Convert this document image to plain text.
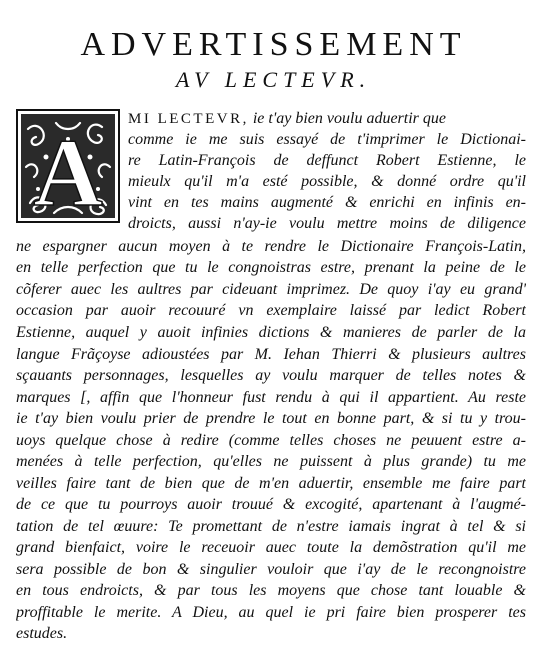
ADVERTISSEMENT
AV LECTEVR.
A MI LECTEVR, ie t'ay bien voulu aduertir que
comme ie me suis essayé de t'imprimer le Dictionai-
re Latin-François de deffunct Robert Estienne, le
mieulx qu'il m'a esté possible, & donné ordre qu'il
vint en tes mains augmenté & enrichi en infinis en-
droicts, aussi n'ay-ie voulu mettre moins de diligence
ne espargner aucun moyen à te rendre le Dictionaire François-Latin,
en telle perfection que tu le congnoistras estre, prenant la peine de le
cõferer auec les aultres par cideuant imprimez. De quoy i'ay eu grand'
occasion par auoir recouuré vn exemplaire laissé par ledict Robert
Estienne, auquel y auoit infinies dictions & manieres de parler de la
langue Frãçoyse adioustées par M. Iehan Thierri & plusieurs aultres
sçauants personnages, lesquelles ay voulu marquer de telles notes &
marques [, affin que l'honneur fust rendu à qui il appartient. Au reste
ie t'ay bien voulu prier de prendre le tout en bonne part, & si tu y trou-
uoys quelque chose à redire (comme telles choses ne peuuent estre a-
menées à telle perfection, qu'elles ne puissent à plus grande) tu me
veilles faire tant de bien que de m'en aduertir, ensemble me faire part
de ce que tu pourroys auoir trouué & excogité, apartenant à l'augmé-
tation de tel œuure: Te promettant de n'estre iamais ingrat à tel & si
grand bienfaict, voire le receuoir auec toute la demõstration qu'il me
sera possible de bon & singulier vouloir que i'ay de le recongnoistre
en tous endroicts, & par tous les moyens que chose tant louable &
proffitable le merite. A Dieu, au quel ie pri faire bien prosperer tes
estudes.
